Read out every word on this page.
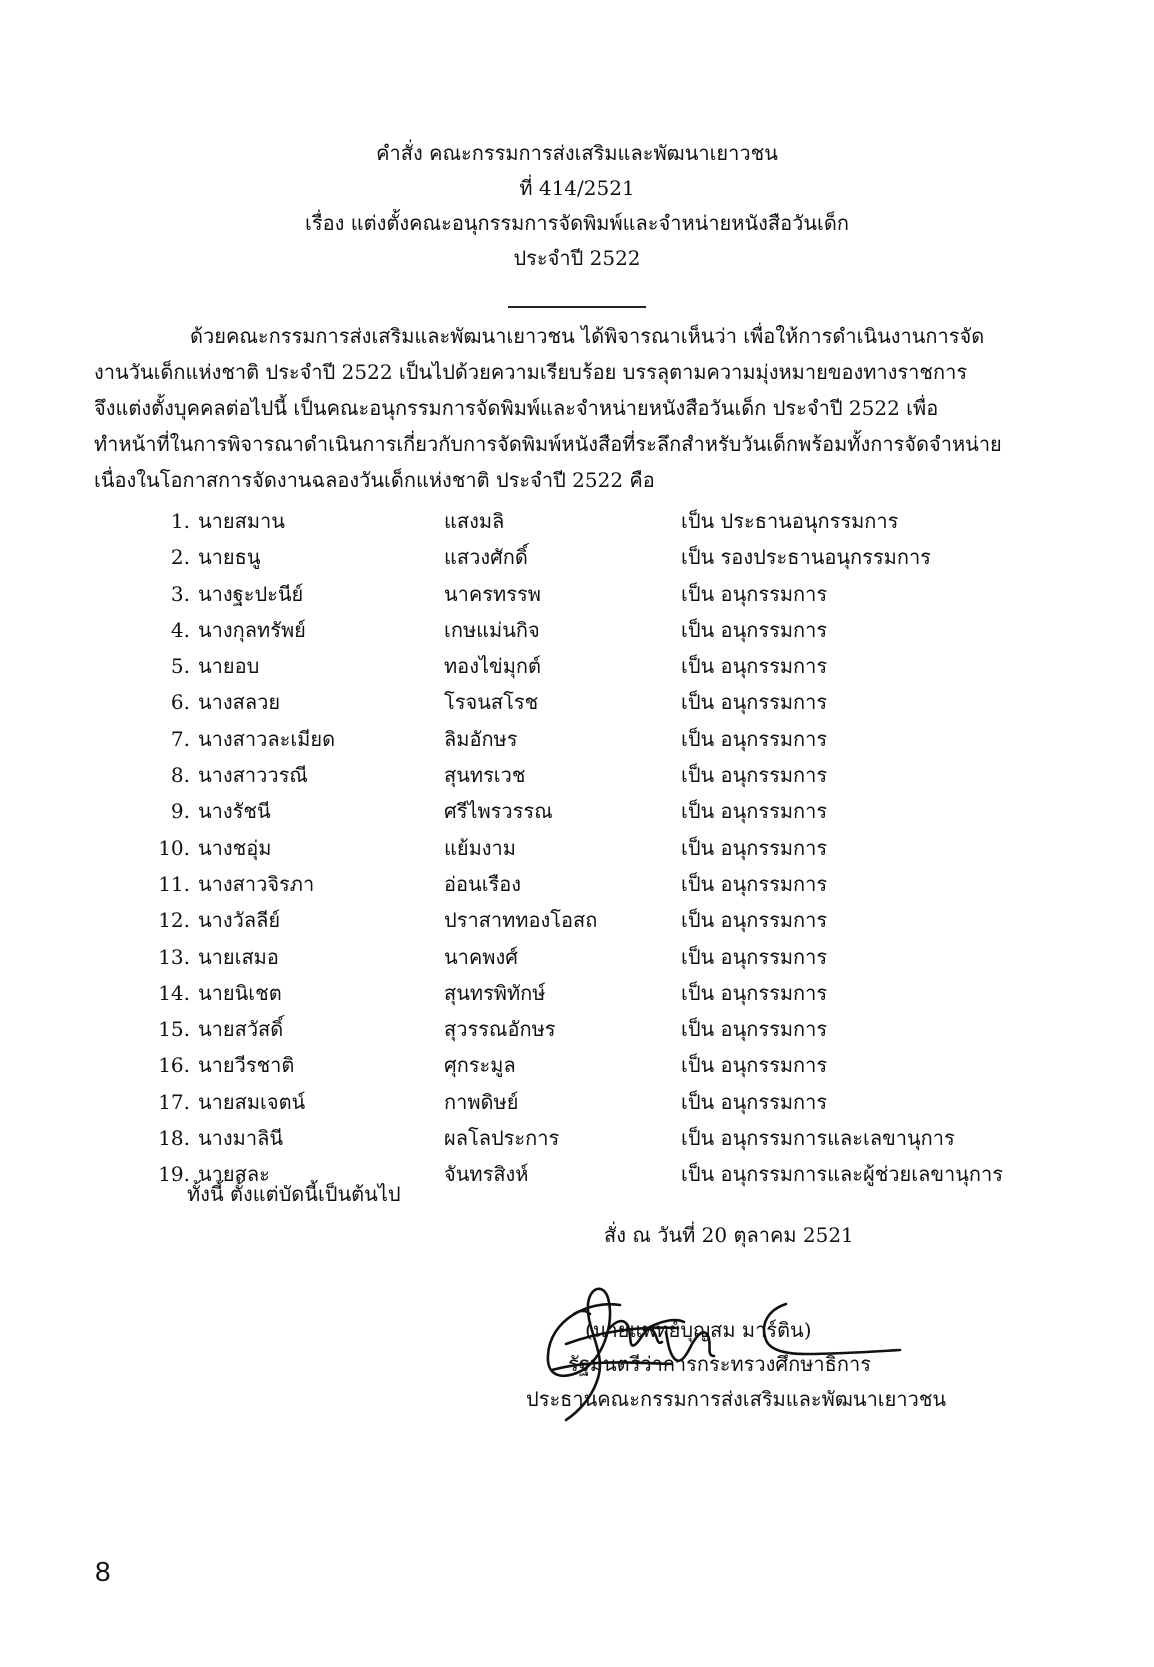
คำสั่ง คณะกรรมการส่งเสริมและพัฒนาเยาวชน
ที่ 414/2521
เรื่อง แต่งตั้งคณะอนุกรรมการจัดพิมพ์และจำหน่ายหนังสือวันเด็ก
ประจำปี 2522
ด้วยคณะกรรมการส่งเสริมและพัฒนาเยาวชน ได้พิจารณาเห็นว่า เพื่อให้การดำเนินงานการจัด
งานวันเด็กแห่งชาติ ประจำปี 2522 เป็นไปด้วยความเรียบร้อย บรรลุตามความมุ่งหมายของทางราชการ
จึงแต่งตั้งบุคคลต่อไปนี้ เป็นคณะอนุกรรมการจัดพิมพ์และจำหน่ายหนังสือวันเด็ก ประจำปี 2522 เพื่อ
ทำหน้าที่ในการพิจารณาดำเนินการเกี่ยวกับการจัดพิมพ์หนังสือที่ระลึกสำหรับวันเด็กพร้อมทั้งการจัดจำหน่าย
เนื่องในโอกาสการจัดงานฉลองวันเด็กแห่งชาติ ประจำปี 2522 คือ
1. นายสมาน	แสงมลิ	เป็น ประธานอนุกรรมการ
2. นายธนู	แสวงศักดิ์	เป็น รองประธานอนุกรรมการ
3. นางฐะปะนีย์	นาครทรรพ	เป็น อนุกรรมการ
4. นางกุลทรัพย์	เกษแม่นกิจ	เป็น อนุกรรมการ
5. นายอบ	ทองไข่มุกต์	เป็น อนุกรรมการ
6. นางสลวย	โรจนสโรช	เป็น อนุกรรมการ
7. นางสาวละเมียด	ลิมอักษร	เป็น อนุกรรมการ
8. นางสาววรณี	สุนทรเวช	เป็น อนุกรรมการ
9. นางรัชนี	ศรีไพรวรรณ	เป็น อนุกรรมการ
10. นางชอุ่ม	แย้มงาม	เป็น อนุกรรมการ
11. นางสาวจิรภา	อ่อนเรือง	เป็น อนุกรรมการ
12. นางวัลลีย์	ปราสาททองโอสถ	เป็น อนุกรรมการ
13. นายเสมอ	นาคพงศ์	เป็น อนุกรรมการ
14. นายนิเชต	สุนทรพิทักษ์	เป็น อนุกรรมการ
15. นายสวัสดิ์	สุวรรณอักษร	เป็น อนุกรรมการ
16. นายวีรชาติ	ศุกระมูล	เป็น อนุกรรมการ
17. นายสมเจตน์	กาพดิษย์	เป็น อนุกรรมการ
18. นางมาลินี	ผลโลประการ	เป็น อนุกรรมการและเลขานุการ
19. นายสละ	จันทรสิงห์	เป็น อนุกรรมการและผู้ช่วยเลขานุการ
ทั้งนี้ ตั้งแต่บัดนี้เป็นต้นไป
สั่ง ณ วันที่ 20 ตุลาคม 2521
(นายแพทย์บุญสม มาร์ติน)
รัฐมนตรีว่าการกระทรวงศึกษาธิการ
ประธานคณะกรรมการส่งเสริมและพัฒนาเยาวชน
8
